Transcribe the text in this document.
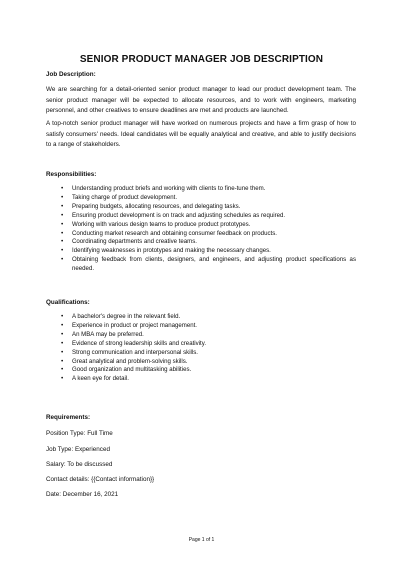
SENIOR PRODUCT MANAGER JOB DESCRIPTION
Job Description:
We are searching for a detail-oriented senior product manager to lead our product development team. The senior product manager will be expected to allocate resources, and to work with engineers, marketing personnel, and other creatives to ensure deadlines are met and products are launched.
A top-notch senior product manager will have worked on numerous projects and have a firm grasp of how to satisfy consumers' needs. Ideal candidates will be equally analytical and creative, and able to justify decisions to a range of stakeholders.
Responsibilities:
• Understanding product briefs and working with clients to fine-tune them.
• Taking charge of product development.
• Preparing budgets, allocating resources, and delegating tasks.
• Ensuring product development is on track and adjusting schedules as required.
• Working with various design teams to produce product prototypes.
• Conducting market research and obtaining consumer feedback on products.
• Coordinating departments and creative teams.
• Identifying weaknesses in prototypes and making the necessary changes.
• Obtaining feedback from clients, designers, and engineers, and adjusting product specifications as needed.
Qualifications:
• A bachelor's degree in the relevant field.
• Experience in product or project management.
• An MBA may be preferred.
• Evidence of strong leadership skills and creativity.
• Strong communication and interpersonal skills.
• Great analytical and problem-solving skills.
• Good organization and multitasking abilities.
• A keen eye for detail.
Requirements:
Position Type: Full Time
Job Type: Experienced
Salary: To be discussed
Contact details: {{Contact information}}
Date: December 16, 2021
Page 1 of 1
